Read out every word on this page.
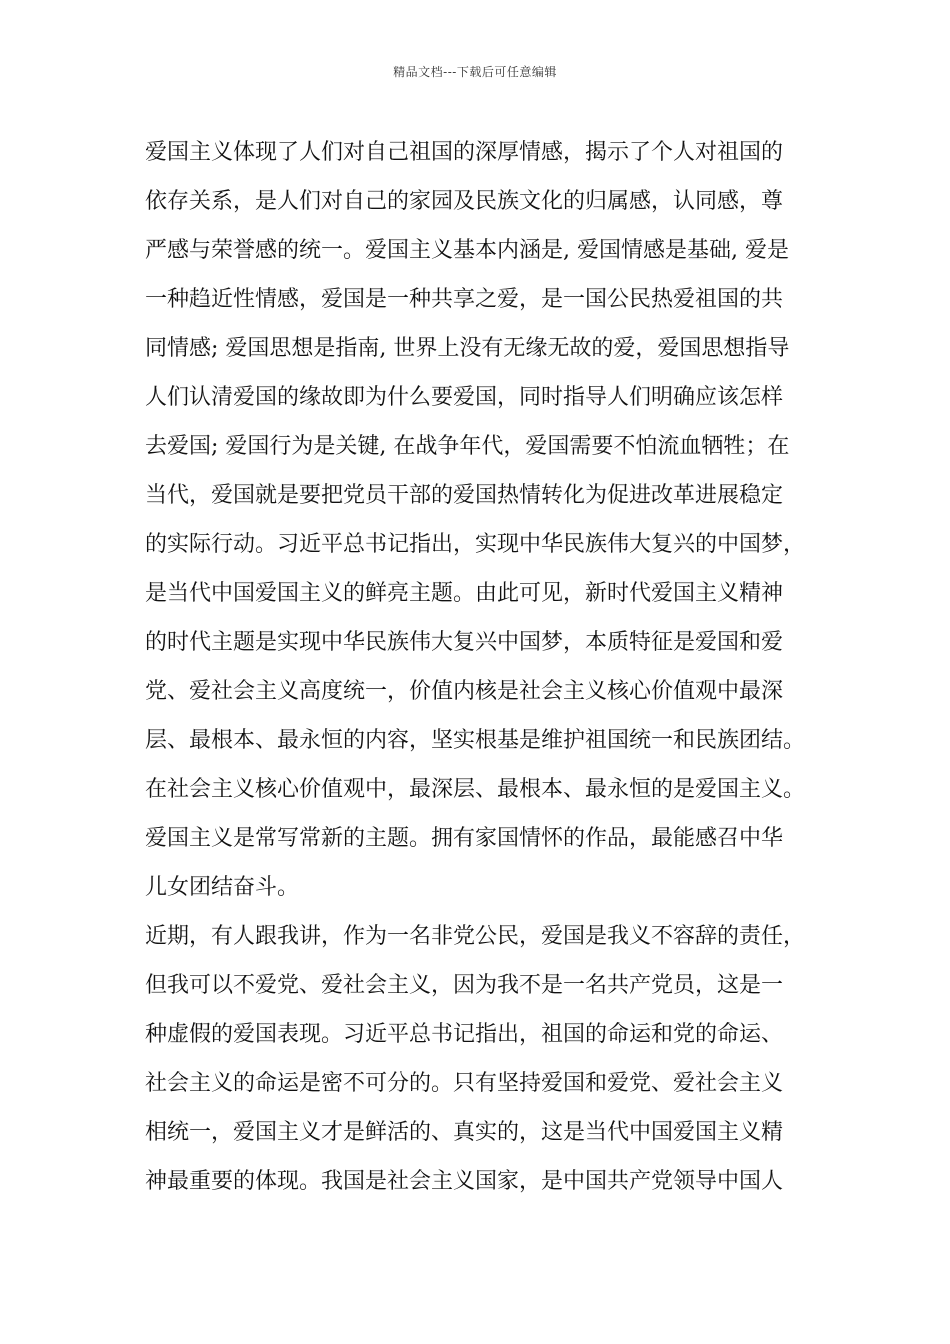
精品文档---下载后可任意编辑
爱国主义体现了人们对自己祖国的深厚情感，揭示了个人对祖国的
依存关系，是人们对自己的家园及民族文化的归属感，认同感，尊
严感与荣誉感的统一。爱国主义基本内涵是, 爱国情感是基础, 爱是
一种趋近性情感，爱国是一种共享之爱，是一国公民热爱祖国的共
同情感; 爱国思想是指南, 世界上没有无缘无故的爱，爱国思想指导
人们认清爱国的缘故即为什么要爱国，同时指导人们明确应该怎样
去爱国; 爱国行为是关键, 在战争年代，爱国需要不怕流血牺牲；在
当代，爱国就是要把党员干部的爱国热情转化为促进改革进展稳定
的实际行动。习近平总书记指出，实现中华民族伟大复兴的中国梦，
是当代中国爱国主义的鲜亮主题。由此可见，新时代爱国主义精神
的时代主题是实现中华民族伟大复兴中国梦，本质特征是爱国和爱
党、爱社会主义高度统一，价值内核是社会主义核心价值观中最深
层、最根本、最永恒的内容，坚实根基是维护祖国统一和民族团结。
在社会主义核心价值观中，最深层、最根本、最永恒的是爱国主义。
爱国主义是常写常新的主题。拥有家国情怀的作品，最能感召中华
儿女团结奋斗。
近期，有人跟我讲，作为一名非党公民，爱国是我义不容辞的责任，
但我可以不爱党、爱社会主义，因为我不是一名共产党员，这是一
种虚假的爱国表现。习近平总书记指出，祖国的命运和党的命运、
社会主义的命运是密不可分的。只有坚持爱国和爱党、爱社会主义
相统一，爱国主义才是鲜活的、真实的，这是当代中国爱国主义精
神最重要的体现。我国是社会主义国家，是中国共产党领导中国人
